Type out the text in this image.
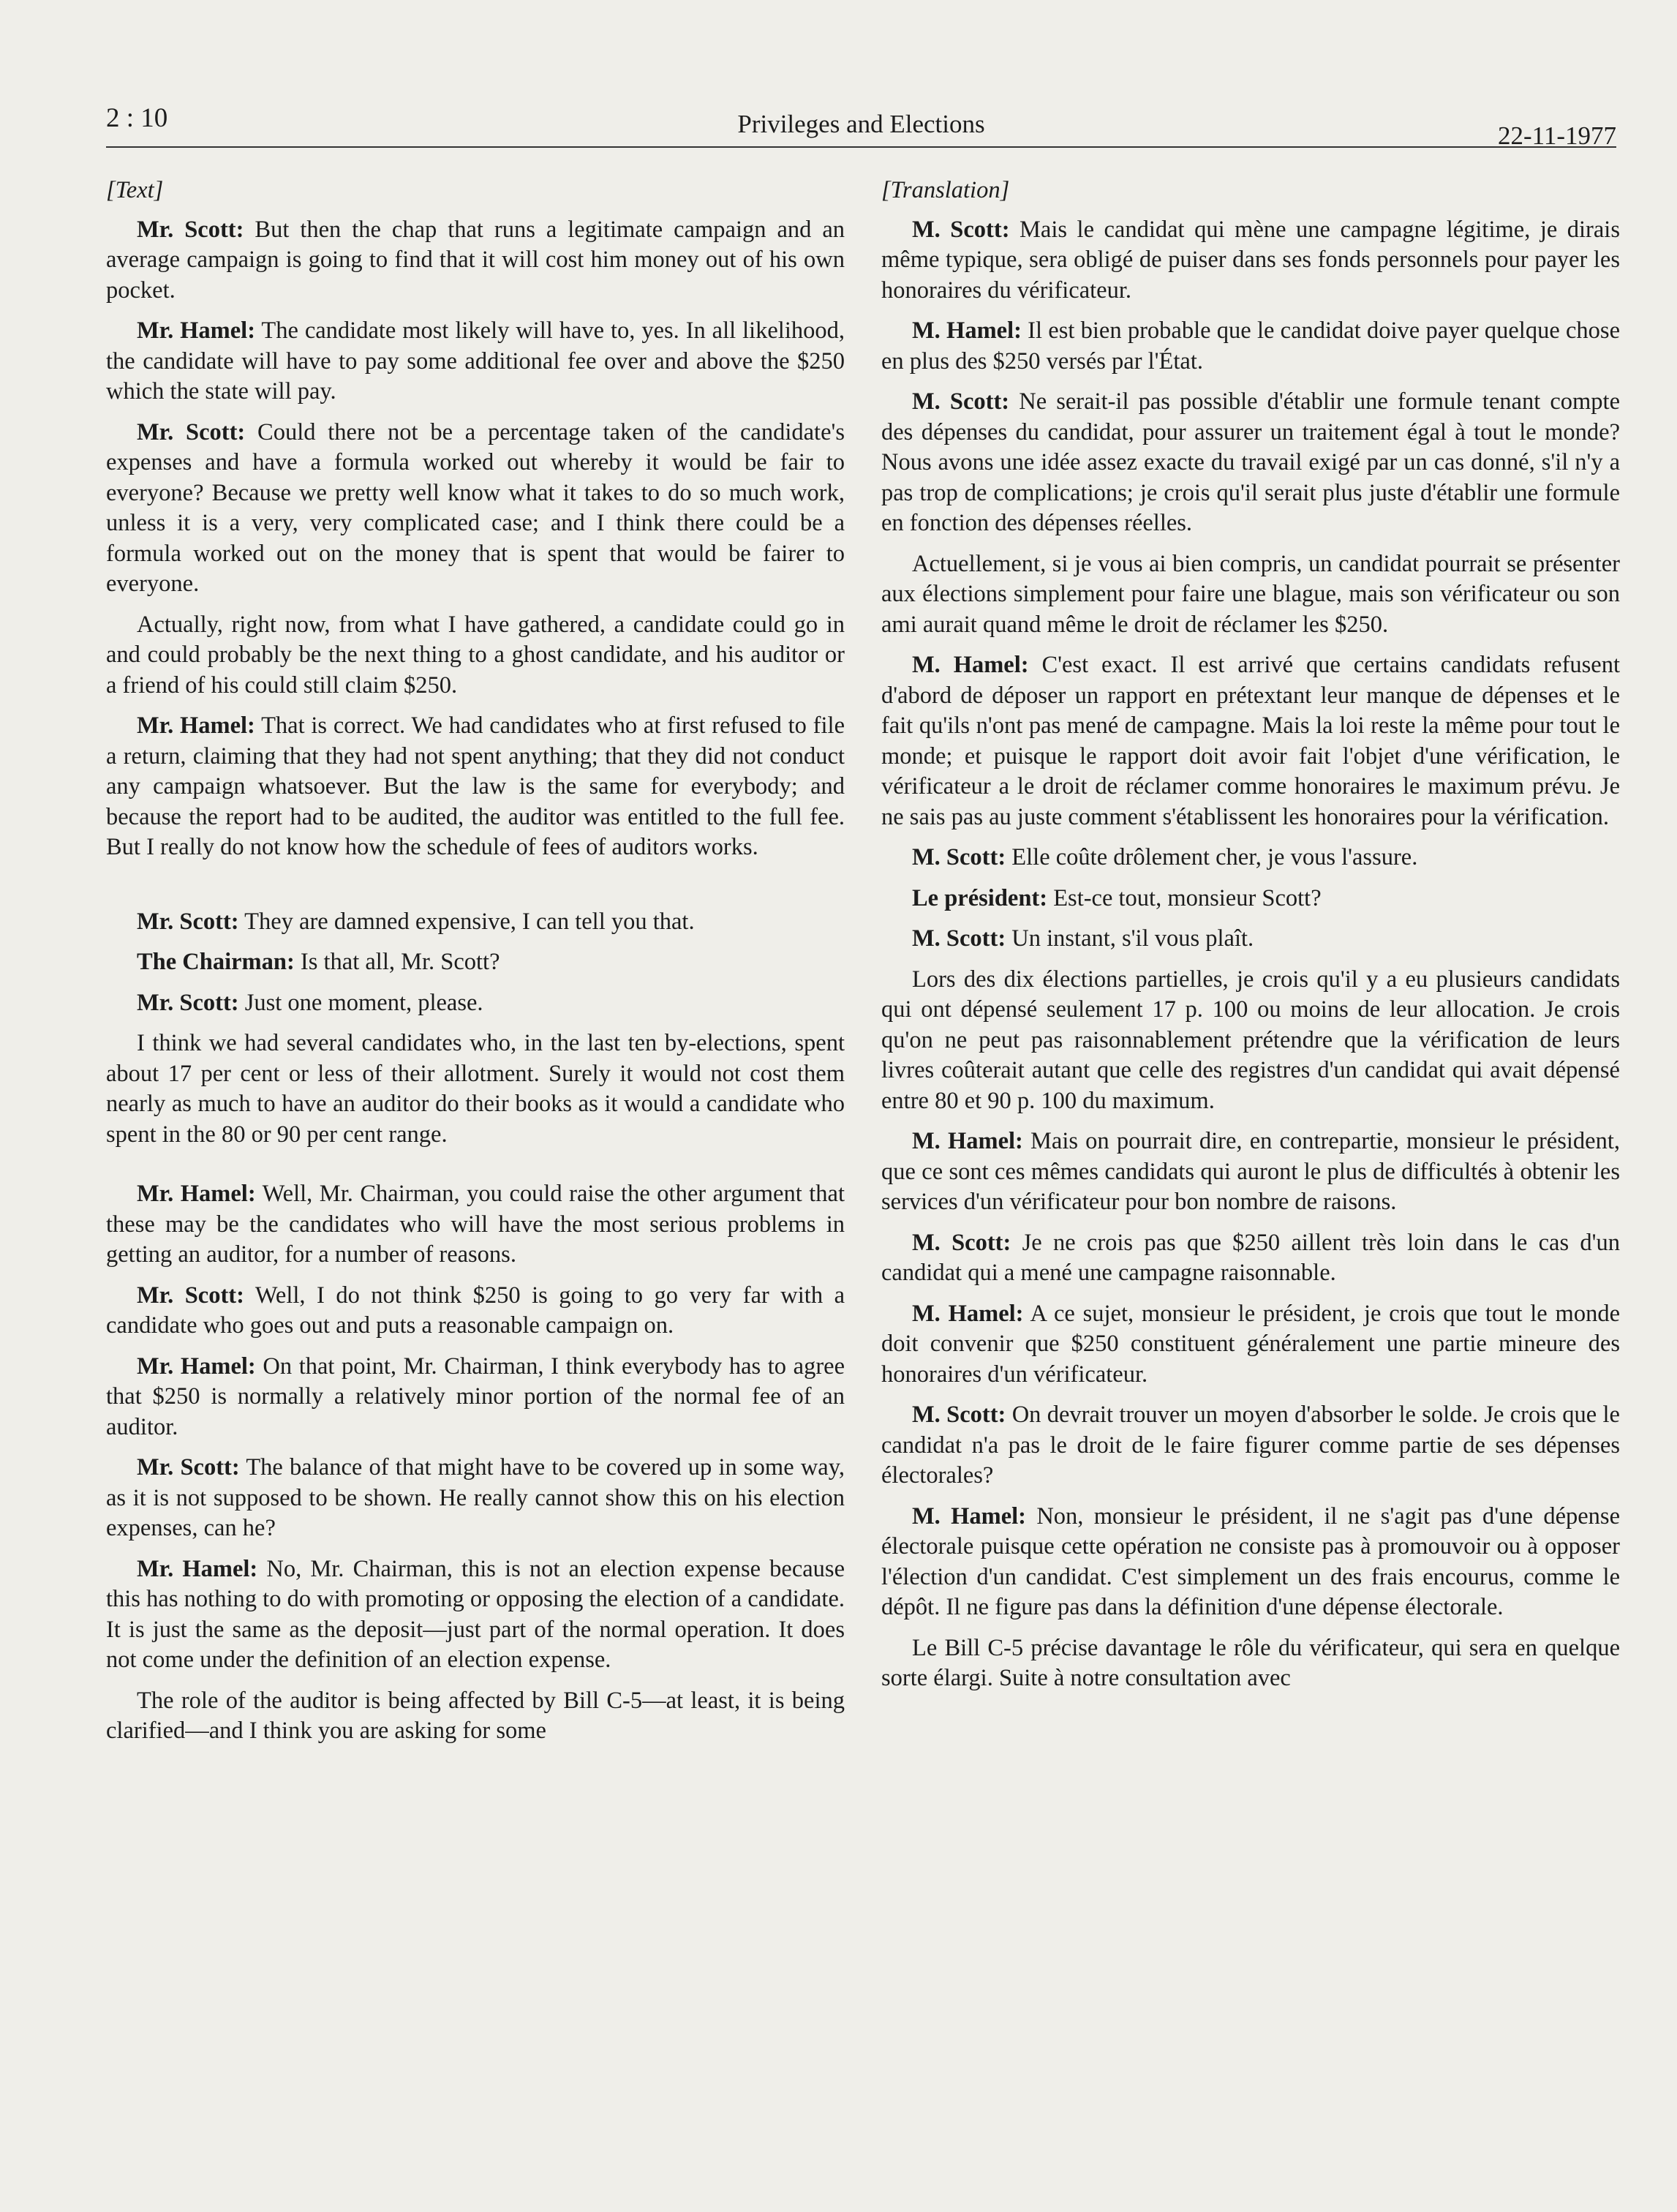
2 : 10	Privileges and Elections	22-11-1977
[Text]

Mr. Scott: But then the chap that runs a legitimate campaign and an average campaign is going to find that it will cost him money out of his own pocket.

Mr. Hamel: The candidate most likely will have to, yes. In all likelihood, the candidate will have to pay some additional fee over and above the $250 which the state will pay.

Mr. Scott: Could there not be a percentage taken of the candidate's expenses and have a formula worked out whereby it would be fair to everyone? Because we pretty well know what it takes to do so much work, unless it is a very, very complicated case; and I think there could be a formula worked out on the money that is spent that would be fairer to everyone.

Actually, right now, from what I have gathered, a candidate could go in and could probably be the next thing to a ghost candidate, and his auditor or a friend of his could still claim $250.

Mr. Hamel: That is correct. We had candidates who at first refused to file a return, claiming that they had not spent anything; that they did not conduct any campaign whatsoever. But the law is the same for everybody; and because the report had to be audited, the auditor was entitled to the full fee. But I really do not know how the schedule of fees of auditors works.

Mr. Scott: They are damned expensive, I can tell you that.

The Chairman: Is that all, Mr. Scott?

Mr. Scott: Just one moment, please.

I think we had several candidates who, in the last ten by-elections, spent about 17 per cent or less of their allotment. Surely it would not cost them nearly as much to have an auditor do their books as it would a candidate who spent in the 80 or 90 per cent range.

Mr. Hamel: Well, Mr. Chairman, you could raise the other argument that these may be the candidates who will have the most serious problems in getting an auditor, for a number of reasons.

Mr. Scott: Well, I do not think $250 is going to go very far with a candidate who goes out and puts a reasonable campaign on.

Mr. Hamel: On that point, Mr. Chairman, I think everybody has to agree that $250 is normally a relatively minor portion of the normal fee of an auditor.

Mr. Scott: The balance of that might have to be covered up in some way, as it is not supposed to be shown. He really cannot show this on his election expenses, can he?

Mr. Hamel: No, Mr. Chairman, this is not an election expense because this has nothing to do with promoting or opposing the election of a candidate. It is just the same as the deposit—just part of the normal operation. It does not come under the definition of an election expense.

The role of the auditor is being affected by Bill C-5—at least, it is being clarified—and I think you are asking for some

[Translation]

M. Scott: Mais le candidat qui mène une campagne légitime, je dirais même typique, sera obligé de puiser dans ses fonds personnels pour payer les honoraires du vérificateur.

M. Hamel: Il est bien probable que le candidat doive payer quelque chose en plus des $250 versés par l'État.

M. Scott: Ne serait-il pas possible d'établir une formule tenant compte des dépenses du candidat, pour assurer un traitement égal à tout le monde? Nous avons une idée assez exacte du travail exigé par un cas donné, s'il n'y a pas trop de complications; je crois qu'il serait plus juste d'établir une formule en fonction des dépenses réelles.

Actuellement, si je vous ai bien compris, un candidat pourrait se présenter aux élections simplement pour faire une blague, mais son vérificateur ou son ami aurait quand même le droit de réclamer les $250.

M. Hamel: C'est exact. Il est arrivé que certains candidats refusent d'abord de déposer un rapport en prétextant leur manque de dépenses et le fait qu'ils n'ont pas mené de campagne. Mais la loi reste la même pour tout le monde; et puisque le rapport doit avoir fait l'objet d'une vérification, le vérificateur a le droit de réclamer comme honoraires le maximum prévu. Je ne sais pas au juste comment s'établissent les honoraires pour la vérification.

M. Scott: Elle coûte drôlement cher, je vous l'assure.

Le président: Est-ce tout, monsieur Scott?

M. Scott: Un instant, s'il vous plaît.

Lors des dix élections partielles, je crois qu'il y a eu plusieurs candidats qui ont dépensé seulement 17 p. 100 ou moins de leur allocation. Je crois qu'on ne peut pas raisonnablement prétendre que la vérification de leurs livres coûterait autant que celle des registres d'un candidat qui avait dépensé entre 80 et 90 p. 100 du maximum.

M. Hamel: Mais on pourrait dire, en contrepartie, monsieur le président, que ce sont ces mêmes candidats qui auront le plus de difficultés à obtenir les services d'un vérificateur pour bon nombre de raisons.

M. Scott: Je ne crois pas que $250 aillent très loin dans le cas d'un candidat qui a mené une campagne raisonnable.

M. Hamel: A ce sujet, monsieur le président, je crois que tout le monde doit convenir que $250 constituent généralement une partie mineure des honoraires d'un vérificateur.

M. Scott: On devrait trouver un moyen d'absorber le solde. Je crois que le candidat n'a pas le droit de le faire figurer comme partie de ses dépenses électorales?

M. Hamel: Non, monsieur le président, il ne s'agit pas d'une dépense électorale puisque cette opération ne consiste pas à promouvoir ou à opposer l'élection d'un candidat. C'est simplement un des frais encourus, comme le dépôt. Il ne figure pas dans la définition d'une dépense électorale.

Le Bill C-5 précise davantage le rôle du vérificateur, qui sera en quelque sorte élargi. Suite à notre consultation avec
